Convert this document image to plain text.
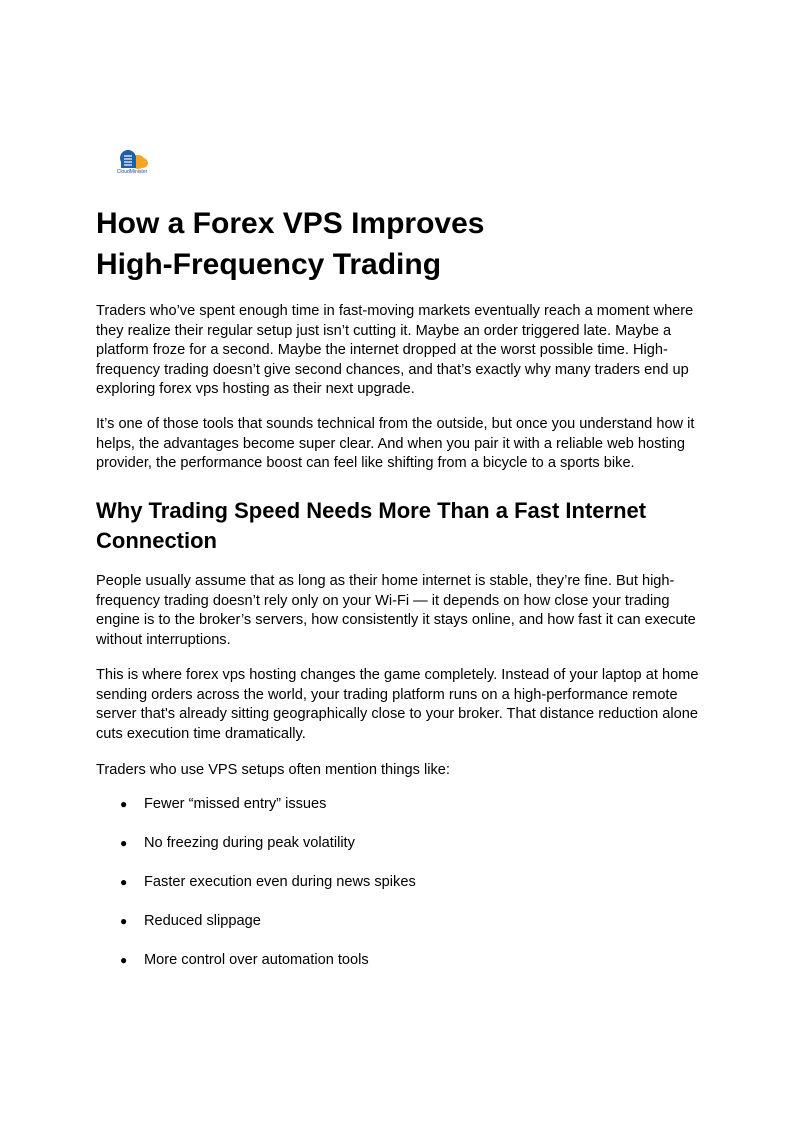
CloudMinister
How a Forex VPS Improves
High-Frequency Trading

Traders who’ve spent enough time in fast-moving markets eventually reach a moment where they realize their regular setup just isn’t cutting it. Maybe an order triggered late. Maybe a platform froze for a second. Maybe the internet dropped at the worst possible time. High-frequency trading doesn’t give second chances, and that’s exactly why many traders end up exploring forex vps hosting as their next upgrade.

It’s one of those tools that sounds technical from the outside, but once you understand how it helps, the advantages become super clear. And when you pair it with a reliable web hosting provider, the performance boost can feel like shifting from a bicycle to a sports bike.

Why Trading Speed Needs More Than a Fast Internet Connection

People usually assume that as long as their home internet is stable, they’re fine. But high-frequency trading doesn’t rely only on your Wi-Fi — it depends on how close your trading engine is to the broker’s servers, how consistently it stays online, and how fast it can execute without interruptions.

This is where forex vps hosting changes the game completely. Instead of your laptop at home sending orders across the world, your trading platform runs on a high-performance remote server that's already sitting geographically close to your broker. That distance reduction alone cuts execution time dramatically.

Traders who use VPS setups often mention things like:

● Fewer “missed entry” issues
● No freezing during peak volatility
● Faster execution even during news spikes
● Reduced slippage
● More control over automation tools
